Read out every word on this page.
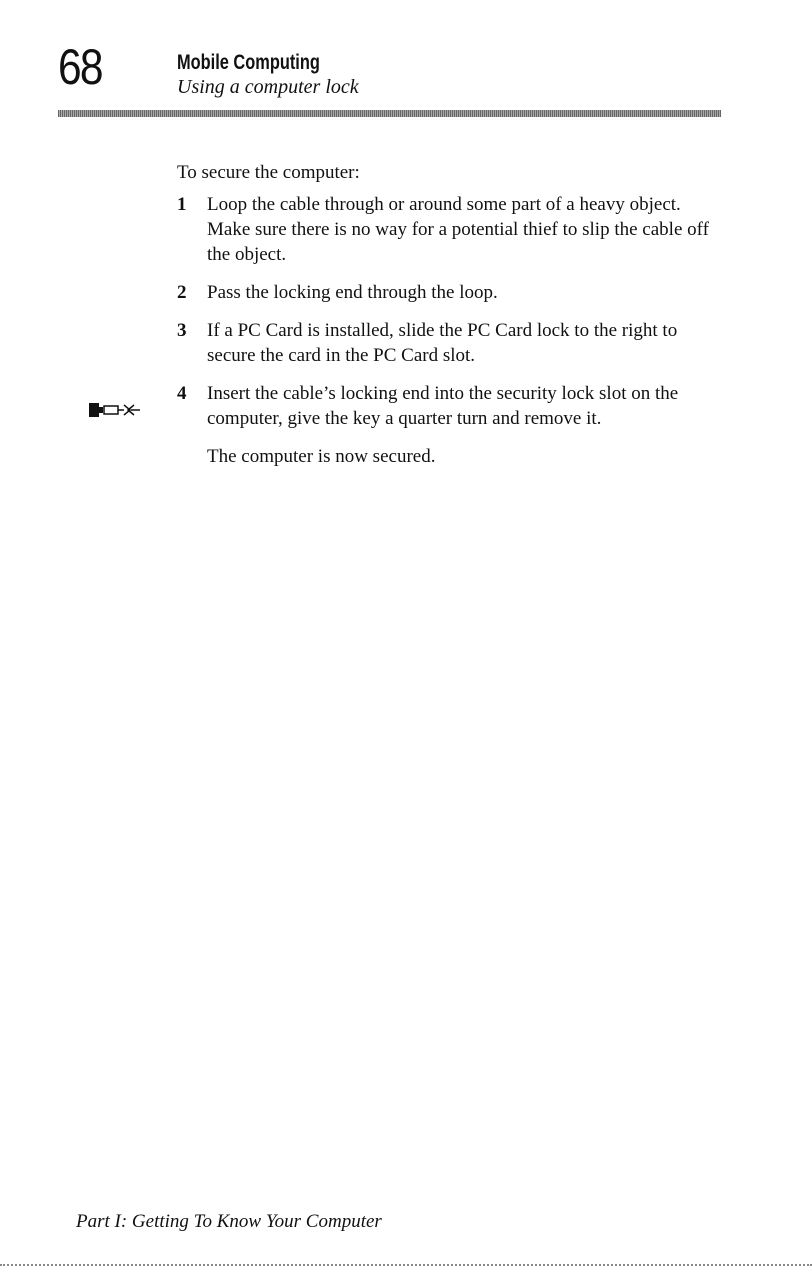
68	Mobile Computing
Using a computer lock

To secure the computer:

1 Loop the cable through or around some part of a heavy object. Make sure there is no way for a potential thief to slip the cable off the object.
2 Pass the locking end through the loop.
3 If a PC Card is installed, slide the PC Card lock to the right to secure the card in the PC Card slot.
4 Insert the cable’s locking end into the security lock slot on the computer, give the key a quarter turn and remove it.

The computer is now secured.

Part I: Getting To Know Your Computer
